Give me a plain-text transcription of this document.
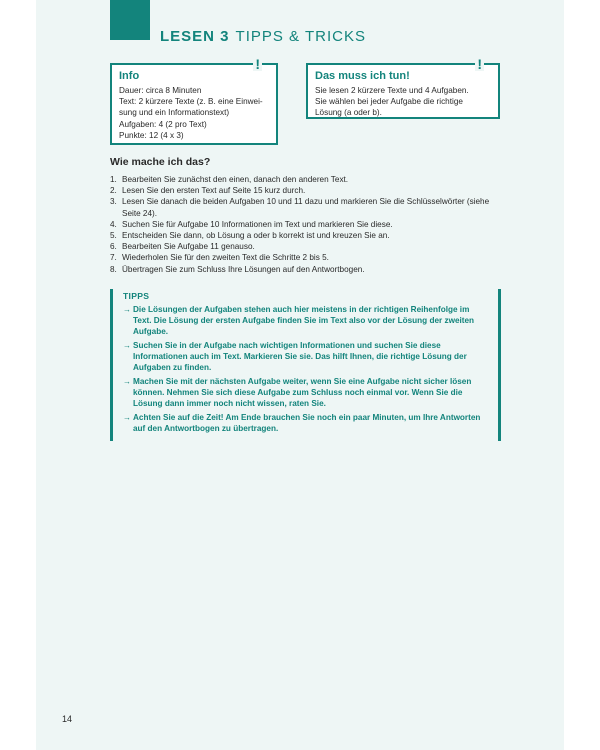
LESEN 3 TIPPS & TRICKS
!
Info
Dauer: circa 8 Minuten
Text: 2 kürzere Texte (z. B. eine Einwei-
sung und ein Informationstext)
Aufgaben: 4 (2 pro Text)
Punkte: 12 (4 x 3)
!
Das muss ich tun!
Sie lesen 2 kürzere Texte und 4 Aufgaben.
Sie wählen bei jeder Aufgabe die richtige
Lösung (a oder b).
Wie mache ich das?
1. Bearbeiten Sie zunächst den einen, danach den anderen Text.
2. Lesen Sie den ersten Text auf Seite 15 kurz durch.
3. Lesen Sie danach die beiden Aufgaben 10 und 11 dazu und markieren Sie die Schlüsselwörter (siehe Seite 24).
4. Suchen Sie für Aufgabe 10 Informationen im Text und markieren Sie diese.
5. Entscheiden Sie dann, ob Lösung a oder b korrekt ist und kreuzen Sie an.
6. Bearbeiten Sie Aufgabe 11 genauso.
7. Wiederholen Sie für den zweiten Text die Schritte 2 bis 5.
8. Übertragen Sie zum Schluss Ihre Lösungen auf den Antwortbogen.
TIPPS
→ Die Lösungen der Aufgaben stehen auch hier meistens in der richtigen Reihenfolge im Text. Die Lösung der ersten Aufgabe finden Sie im Text also vor der Lösung der zweiten Aufgabe.
→ Suchen Sie in der Aufgabe nach wichtigen Informationen und suchen Sie diese Informationen auch im Text. Markieren Sie sie. Das hilft Ihnen, die richtige Lösung der Aufgaben zu finden.
→ Machen Sie mit der nächsten Aufgabe weiter, wenn Sie eine Aufgabe nicht sicher lösen können. Nehmen Sie sich diese Aufgabe zum Schluss noch einmal vor. Wenn Sie die Lösung dann immer noch nicht wissen, raten Sie.
→ Achten Sie auf die Zeit! Am Ende brauchen Sie noch ein paar Minuten, um Ihre Antworten auf den Antwortbogen zu übertragen.
14
